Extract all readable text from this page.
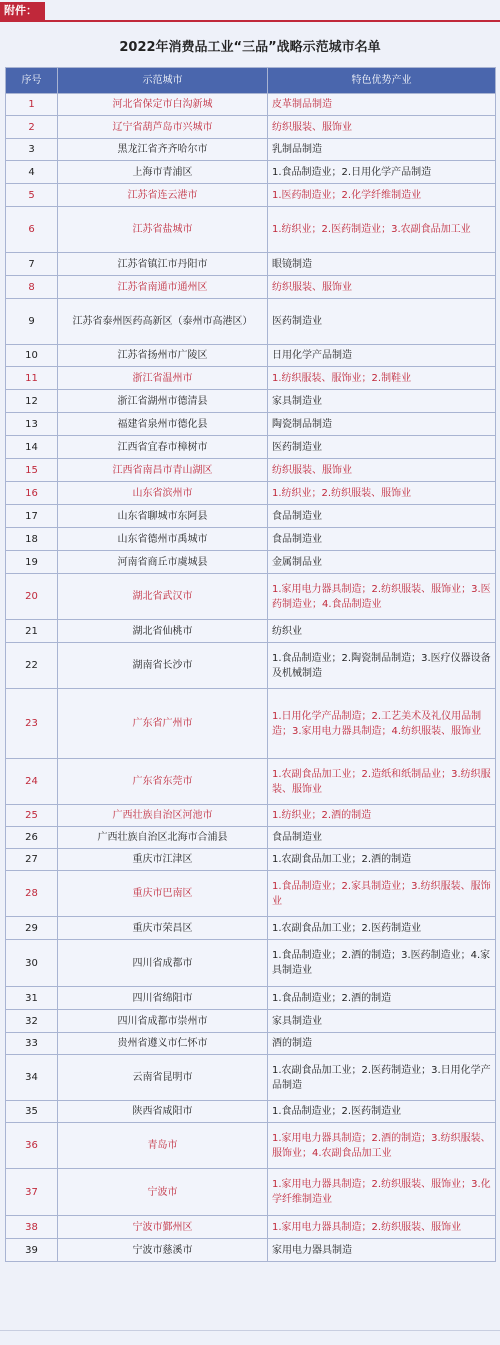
附件：
2022年消费品工业“三品”战略示范城市名单
序号	示范城市	特色优势产业
1	河北省保定市白沟新城	皮革制品制造
2	辽宁省葫芦岛市兴城市	纺织服装、服饰业
3	黑龙江省齐齐哈尔市	乳制品制造
4	上海市青浦区	1.食品制造业；2.日用化学产品制造
5	江苏省连云港市	1.医药制造业；2.化学纤维制造业
6	江苏省盐城市	1.纺织业；2.医药制造业；3.农副食品加工业
7	江苏省镇江市丹阳市	眼镜制造
8	江苏省南通市通州区	纺织服装、服饰业
9	江苏省泰州医药高新区（泰州市高港区）	医药制造业
10	江苏省扬州市广陵区	日用化学产品制造
11	浙江省温州市	1.纺织服装、服饰业；2.制鞋业
12	浙江省湖州市德清县	家具制造业
13	福建省泉州市德化县	陶瓷制品制造
14	江西省宜春市樟树市	医药制造业
15	江西省南昌市青山湖区	纺织服装、服饰业
16	山东省滨州市	1.纺织业；2.纺织服装、服饰业
17	山东省聊城市东阿县	食品制造业
18	山东省德州市禹城市	食品制造业
19	河南省商丘市虞城县	金属制品业
20	湖北省武汉市	1.家用电力器具制造；2.纺织服装、服饰业；3.医药制造业；4.食品制造业
21	湖北省仙桃市	纺织业
22	湖南省长沙市	1.食品制造业；2.陶瓷制品制造；3.医疗仪器设备及机械制造
23	广东省广州市	1.日用化学产品制造；2.工艺美术及礼仪用品制造；3.家用电力器具制造；4.纺织服装、服饰业
24	广东省东莞市	1.农副食品加工业；2.造纸和纸制品业；3.纺织服装、服饰业
25	广西壮族自治区河池市	1.纺织业；2.酒的制造
26	广西壮族自治区北海市合浦县	食品制造业
27	重庆市江津区	1.农副食品加工业；2.酒的制造
28	重庆市巴南区	1.食品制造业；2.家具制造业；3.纺织服装、服饰业
29	重庆市荣昌区	1.农副食品加工业；2.医药制造业
30	四川省成都市	1.食品制造业；2.酒的制造；3.医药制造业；4.家具制造业
31	四川省绵阳市	1.食品制造业；2.酒的制造
32	四川省成都市崇州市	家具制造业
33	贵州省遵义市仁怀市	酒的制造
34	云南省昆明市	1.农副食品加工业；2.医药制造业；3.日用化学产品制造
35	陕西省咸阳市	1.食品制造业；2.医药制造业
36	青岛市	1.家用电力器具制造；2.酒的制造；3.纺织服装、服饰业；4.农副食品加工业
37	宁波市	1.家用电力器具制造；2.纺织服装、服饰业；3.化学纤维制造业
38	宁波市鄞州区	1.家用电力器具制造；2.纺织服装、服饰业
39	宁波市慈溪市	家用电力器具制造
